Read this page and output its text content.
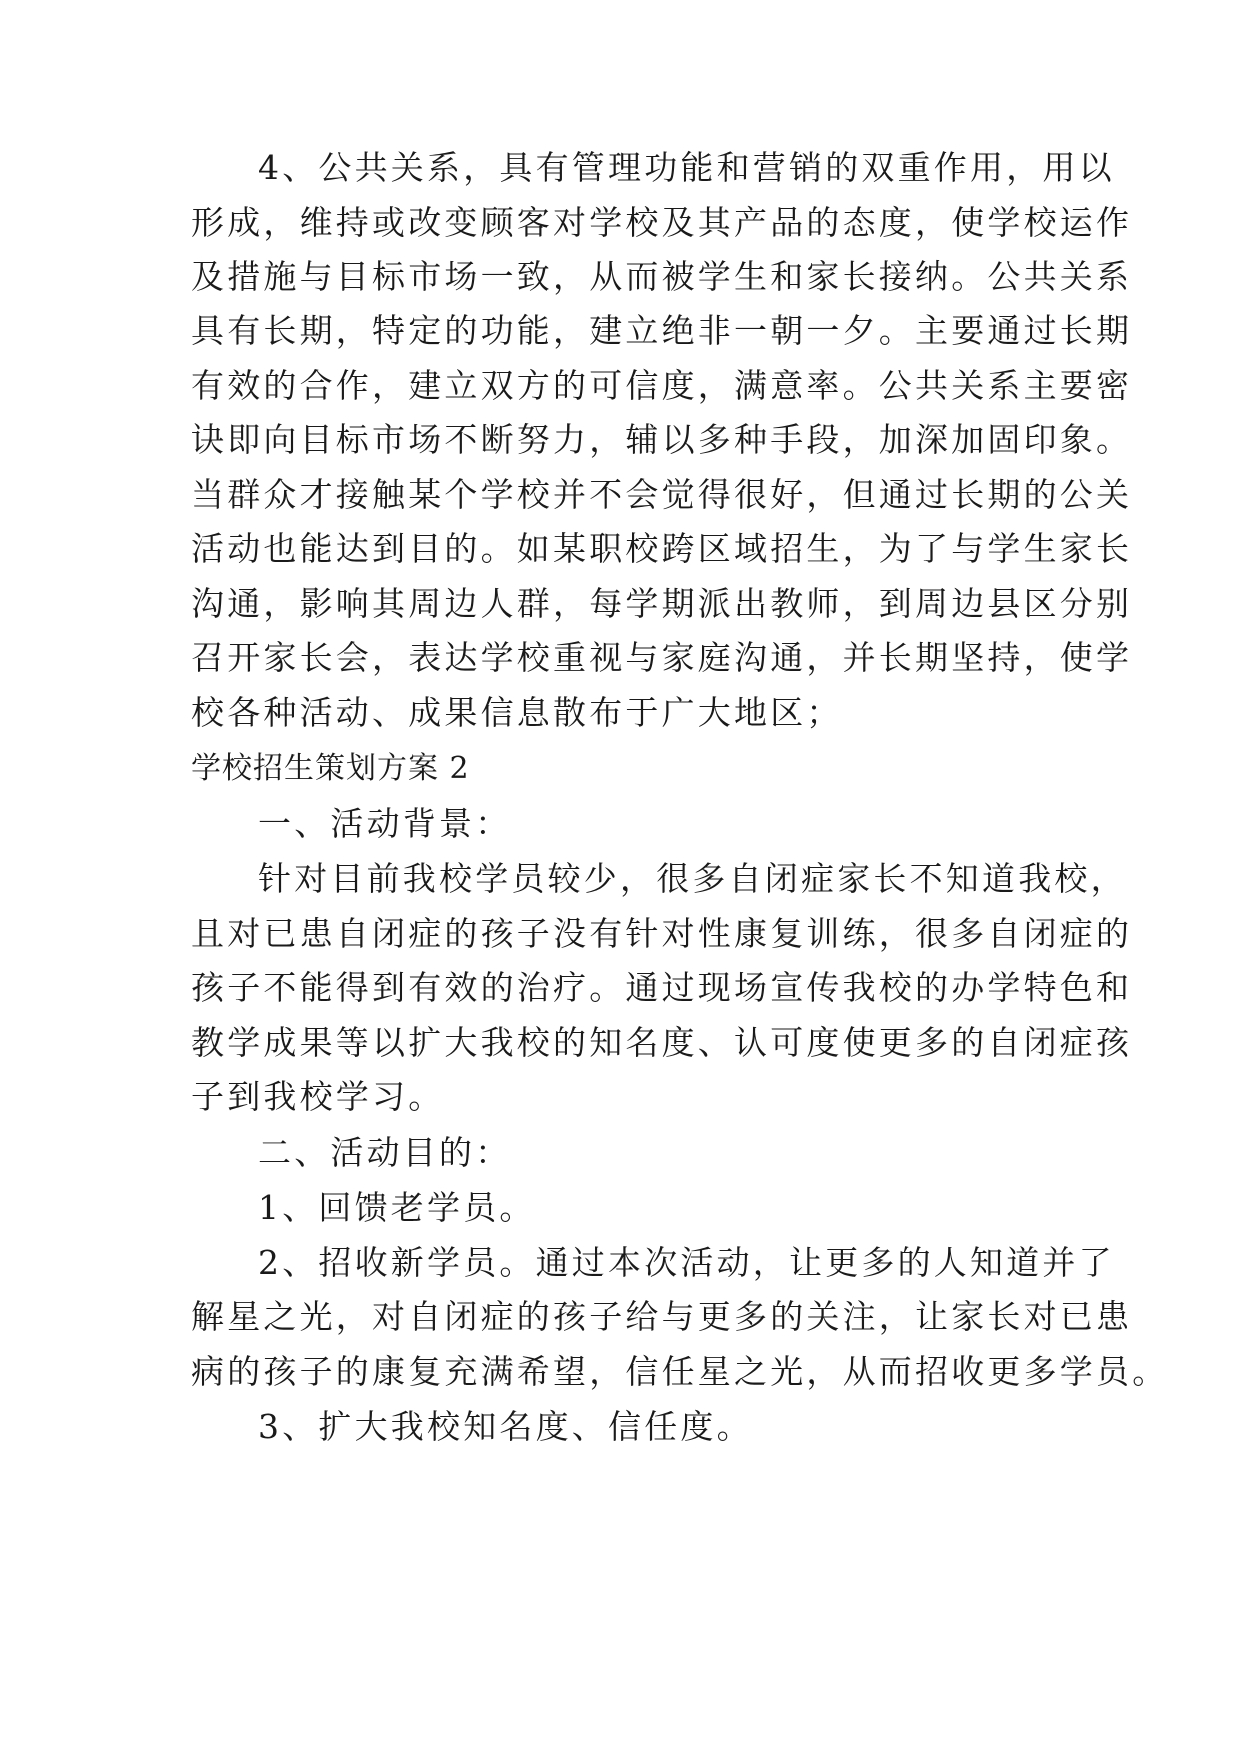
4、公共关系，具有管理功能和营销的双重作用，用以
形成，维持或改变顾客对学校及其产品的态度，使学校运作
及措施与目标市场一致，从而被学生和家长接纳。公共关系
具有长期，特定的功能，建立绝非一朝一夕。主要通过长期
有效的合作，建立双方的可信度，满意率。公共关系主要密
诀即向目标市场不断努力，辅以多种手段，加深加固印象。
当群众才接触某个学校并不会觉得很好，但通过长期的公关
活动也能达到目的。如某职校跨区域招生，为了与学生家长
沟通，影响其周边人群，每学期派出教师，到周边县区分别
召开家长会，表达学校重视与家庭沟通，并长期坚持，使学
校各种活动、成果信息散布于广大地区；
学校招生策划方案 2
一、活动背景：
针对目前我校学员较少，很多自闭症家长不知道我校，
且对已患自闭症的孩子没有针对性康复训练，很多自闭症的
孩子不能得到有效的治疗。通过现场宣传我校的办学特色和
教学成果等以扩大我校的知名度、认可度使更多的自闭症孩
子到我校学习。
二、活动目的：
1、回馈老学员。
2、招收新学员。通过本次活动，让更多的人知道并了
解星之光，对自闭症的孩子给与更多的关注，让家长对已患
病的孩子的康复充满希望，信任星之光，从而招收更多学员。
3、扩大我校知名度、信任度。
